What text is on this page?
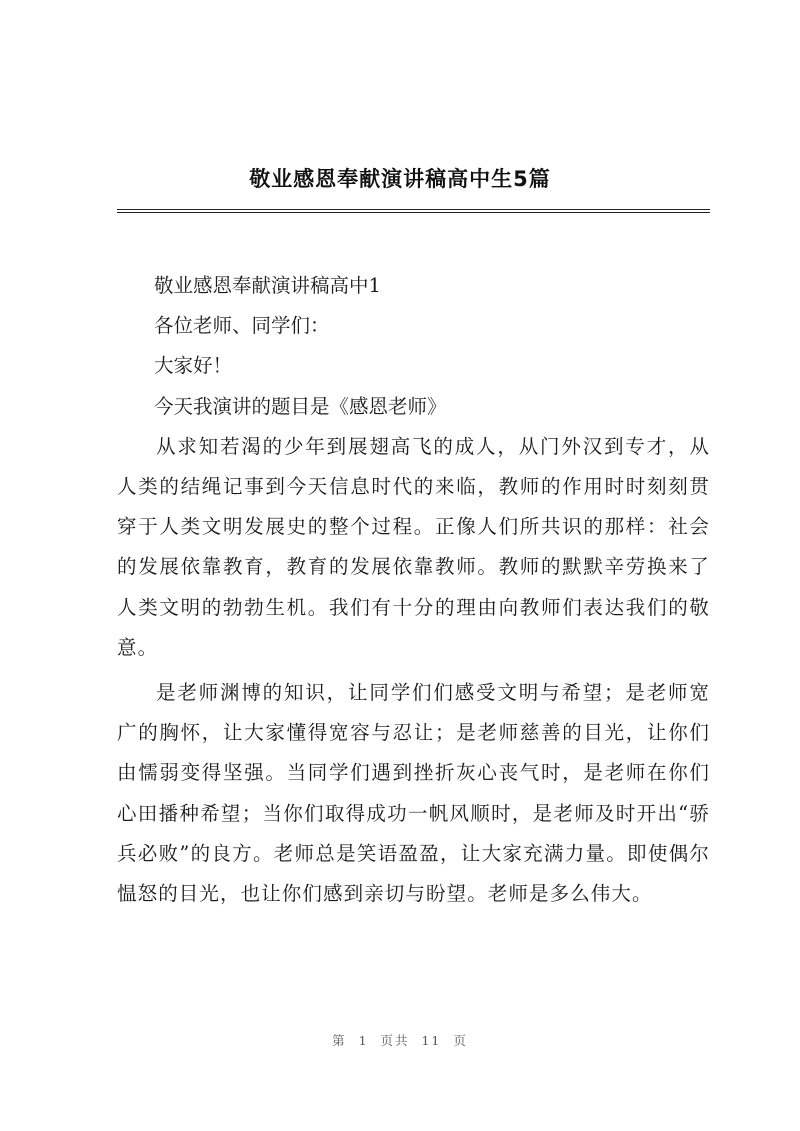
敬业感恩奉献演讲稿高中生5篇
敬业感恩奉献演讲稿高中1
各位老师、同学们：
大家好！
今天我演讲的题目是《感恩老师》
从求知若渴的少年到展翅高飞的成人，从门外汉到专才，从人类的结绳记事到今天信息时代的来临，教师的作用时时刻刻贯穿于人类文明发展史的整个过程。正像人们所共识的那样：社会的发展依靠教育，教育的发展依靠教师。教师的默默辛劳换来了人类文明的勃勃生机。我们有十分的理由向教师们表达我们的敬意。
是老师渊博的知识，让同学们们感受文明与希望；是老师宽广的胸怀，让大家懂得宽容与忍让；是老师慈善的目光，让你们由懦弱变得坚强。当同学们遇到挫折灰心丧气时，是老师在你们心田播种希望；当你们取得成功一帆风顺时，是老师及时开出“骄兵必败”的良方。老师总是笑语盈盈，让大家充满力量。即使偶尔愠怒的目光，也让你们感到亲切与盼望。老师是多么伟大。
第 1 页共 11 页
